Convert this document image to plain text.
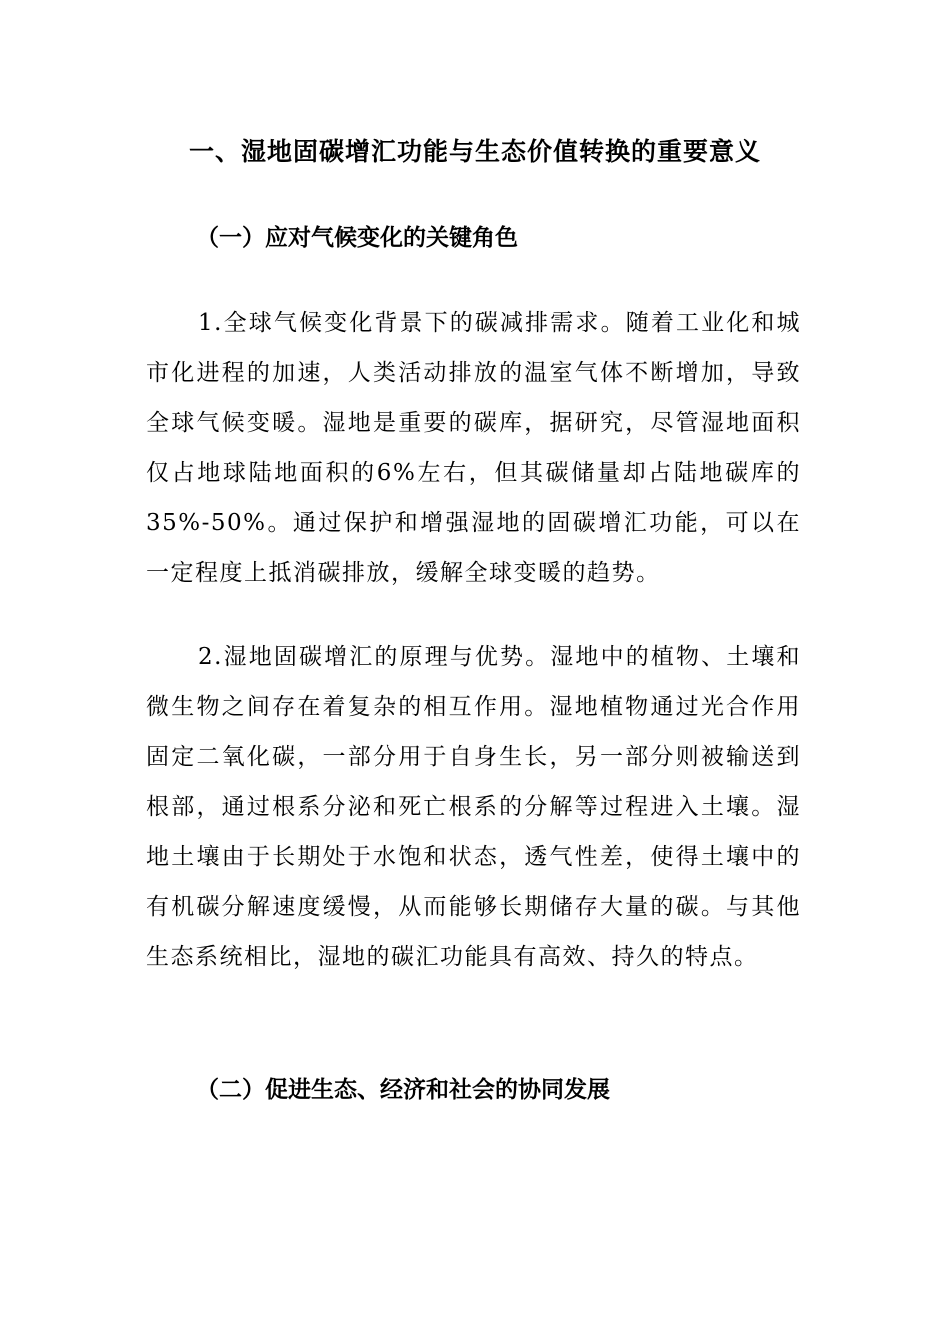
一、湿地固碳增汇功能与生态价值转换的重要意义
（一）应对气候变化的关键角色

1.全球气候变化背景下的碳减排需求。随着工业化和城市化进程的加速，人类活动排放的温室气体不断增加，导致全球气候变暖。湿地是重要的碳库，据研究，尽管湿地面积仅占地球陆地面积的6%左右，但其碳储量却占陆地碳库的35%-50%。通过保护和增强湿地的固碳增汇功能，可以在一定程度上抵消碳排放，缓解全球变暖的趋势。

2.湿地固碳增汇的原理与优势。湿地中的植物、土壤和微生物之间存在着复杂的相互作用。湿地植物通过光合作用固定二氧化碳，一部分用于自身生长，另一部分则被输送到根部，通过根系分泌和死亡根系的分解等过程进入土壤。湿地土壤由于长期处于水饱和状态，透气性差，使得土壤中的有机碳分解速度缓慢，从而能够长期储存大量的碳。与其他生态系统相比，湿地的碳汇功能具有高效、持久的特点。

（二）促进生态、经济和社会的协同发展
